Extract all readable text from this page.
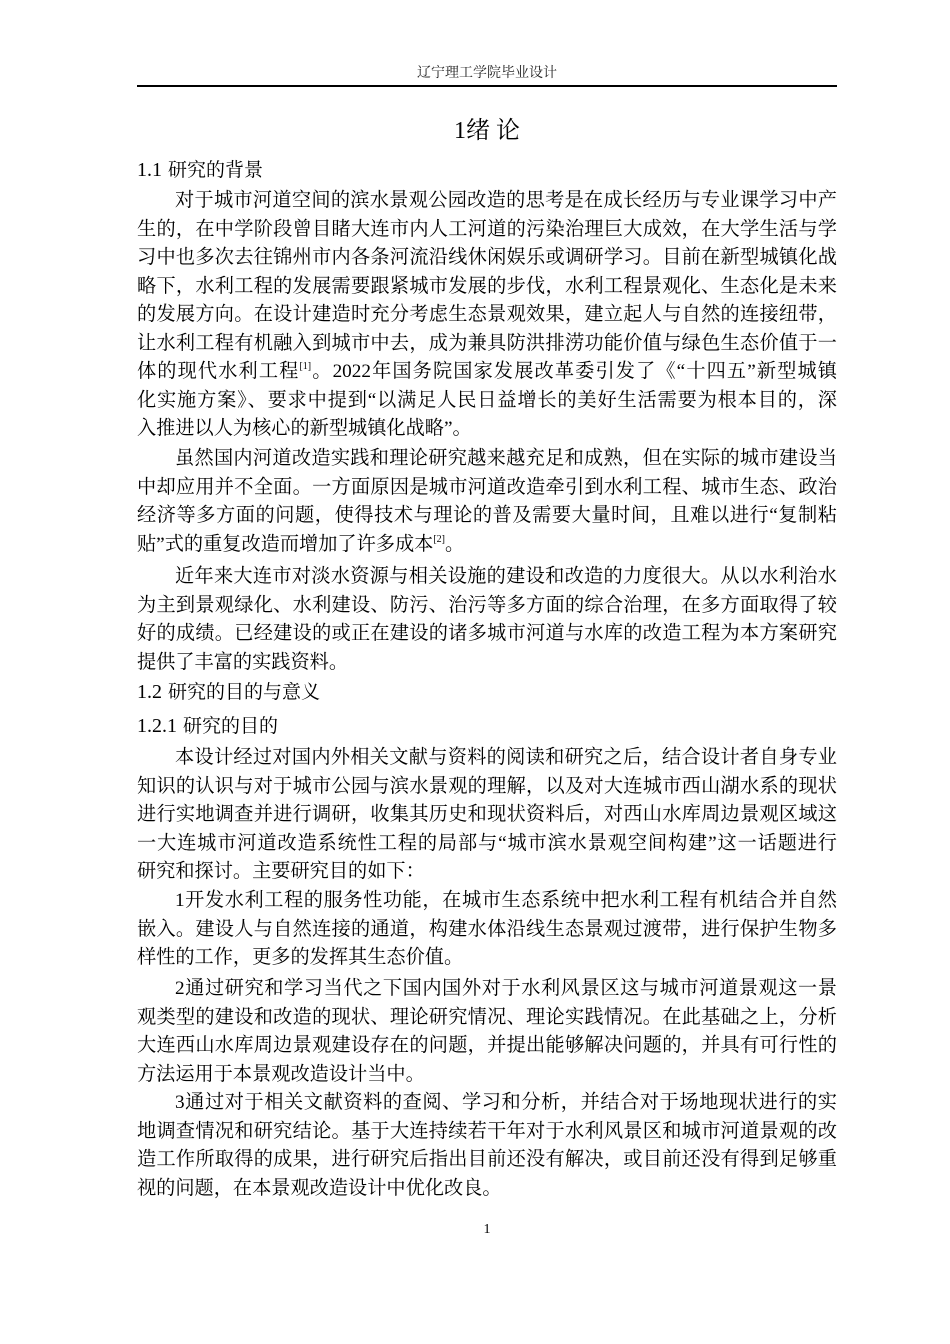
辽宁理工学院毕业设计
1绪 论
1.1 研究的背景
对于城市河道空间的滨水景观公园改造的思考是在成长经历与专业课学习中产
生的，在中学阶段曾目睹大连市内人工河道的污染治理巨大成效，在大学生活与学
习中也多次去往锦州市内各条河流沿线休闲娱乐或调研学习。目前在新型城镇化战
略下，水利工程的发展需要跟紧城市发展的步伐，水利工程景观化、生态化是未来
的发展方向。在设计建造时充分考虑生态景观效果，建立起人与自然的连接纽带，
让水利工程有机融入到城市中去，成为兼具防洪排涝功能价值与绿色生态价值于一
体的现代水利工程[1]。2022年国务院国家发展改革委引发了《“十四五”新型城镇
化实施方案》、要求中提到“以满足人民日益增长的美好生活需要为根本目的，深
入推进以人为核心的新型城镇化战略”。
虽然国内河道改造实践和理论研究越来越充足和成熟，但在实际的城市建设当
中却应用并不全面。一方面原因是城市河道改造牵引到水利工程、城市生态、政治
经济等多方面的问题，使得技术与理论的普及需要大量时间，且难以进行“复制粘
贴”式的重复改造而增加了许多成本[2]。
近年来大连市对淡水资源与相关设施的建设和改造的力度很大。从以水利治水
为主到景观绿化、水利建设、防污、治污等多方面的综合治理，在多方面取得了较
好的成绩。已经建设的或正在建设的诸多城市河道与水库的改造工程为本方案研究
提供了丰富的实践资料。
1.2 研究的目的与意义
1.2.1 研究的目的
本设计经过对国内外相关文献与资料的阅读和研究之后，结合设计者自身专业
知识的认识与对于城市公园与滨水景观的理解，以及对大连城市西山湖水系的现状
进行实地调查并进行调研，收集其历史和现状资料后，对西山水库周边景观区域这
一大连城市河道改造系统性工程的局部与“城市滨水景观空间构建”这一话题进行
研究和探讨。主要研究目的如下：
1开发水利工程的服务性功能，在城市生态系统中把水利工程有机结合并自然
嵌入。建设人与自然连接的通道，构建水体沿线生态景观过渡带，进行保护生物多
样性的工作，更多的发挥其生态价值。
2通过研究和学习当代之下国内国外对于水利风景区这与城市河道景观这一景
观类型的建设和改造的现状、理论研究情况、理论实践情况。在此基础之上，分析
大连西山水库周边景观建设存在的问题，并提出能够解决问题的，并具有可行性的
方法运用于本景观改造设计当中。
3通过对于相关文献资料的查阅、学习和分析，并结合对于场地现状进行的实
地调查情况和研究结论。基于大连持续若干年对于水利风景区和城市河道景观的改
造工作所取得的成果，进行研究后指出目前还没有解决，或目前还没有得到足够重
视的问题，在本景观改造设计中优化改良。
1
